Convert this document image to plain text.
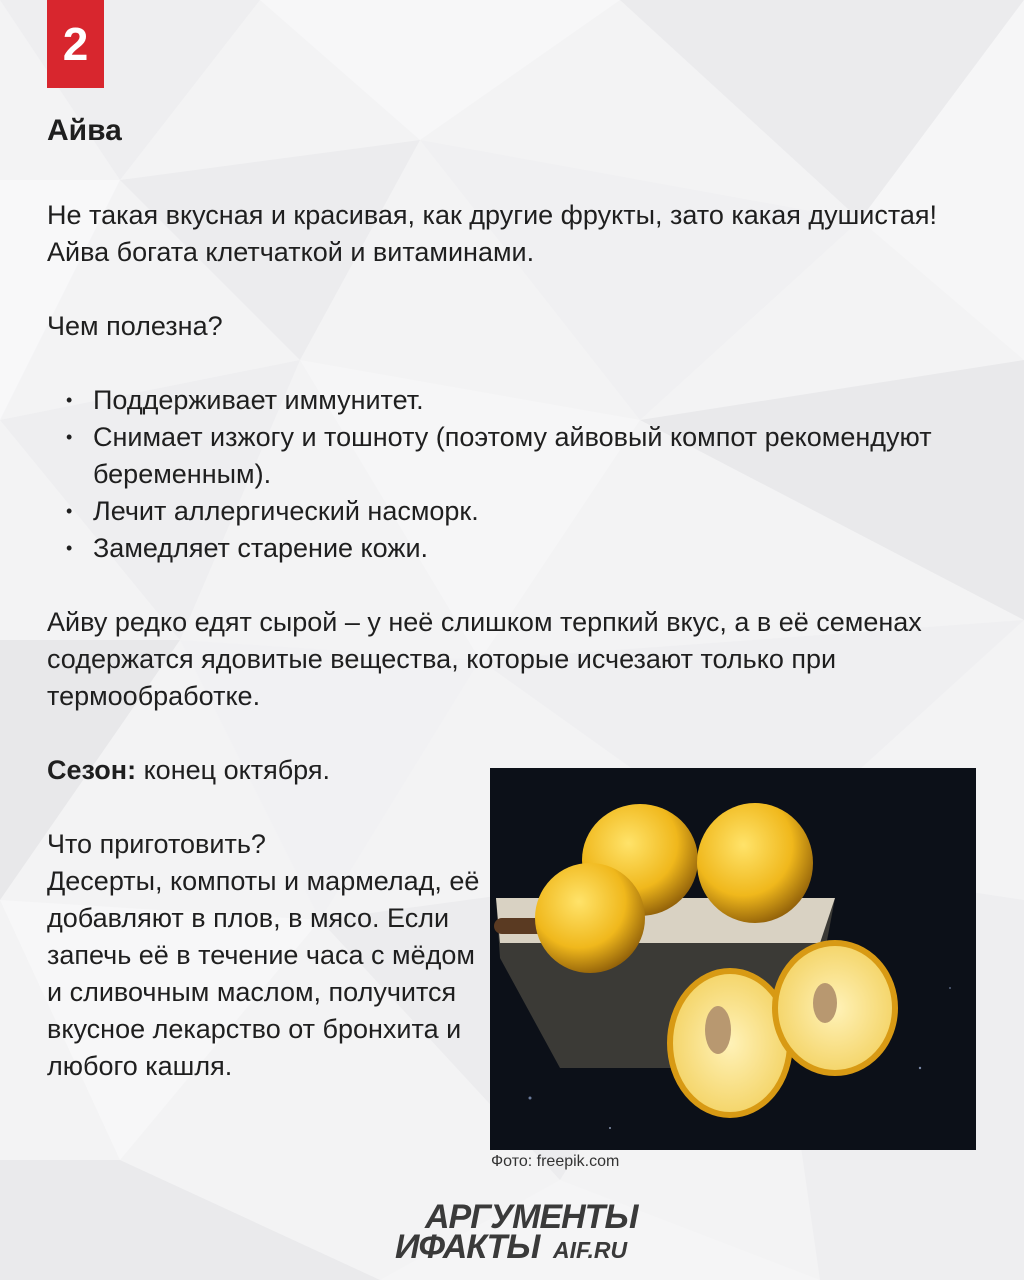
2
Айва

Не такая вкусная и красивая, как другие фрукты, зато какая душистая! Айва богата клетчаткой и витаминами.

Чем полезна?

• Поддерживает иммунитет.
• Снимает изжогу и тошноту (поэтому айвовый компот рекомендуют беременным).
• Лечит аллергический насморк.
• Замедляет старение кожи.

Айву редко едят сырой – у неё слишком терпкий вкус, а в её семенах содержатся ядовитые вещества, которые исчезают только при термообработке.

Сезон: конец октября.

Что приготовить?

Десерты, компоты и мармелад, её добавляют в плов, в мясо. Если запечь её в течение часа с мёдом и сливочным маслом, получится вкусное лекарство от бронхита и любого кашля.

Фото: freepik.com
АРГУМЕНТЫ
ИФАКТЫ AIF.RU
